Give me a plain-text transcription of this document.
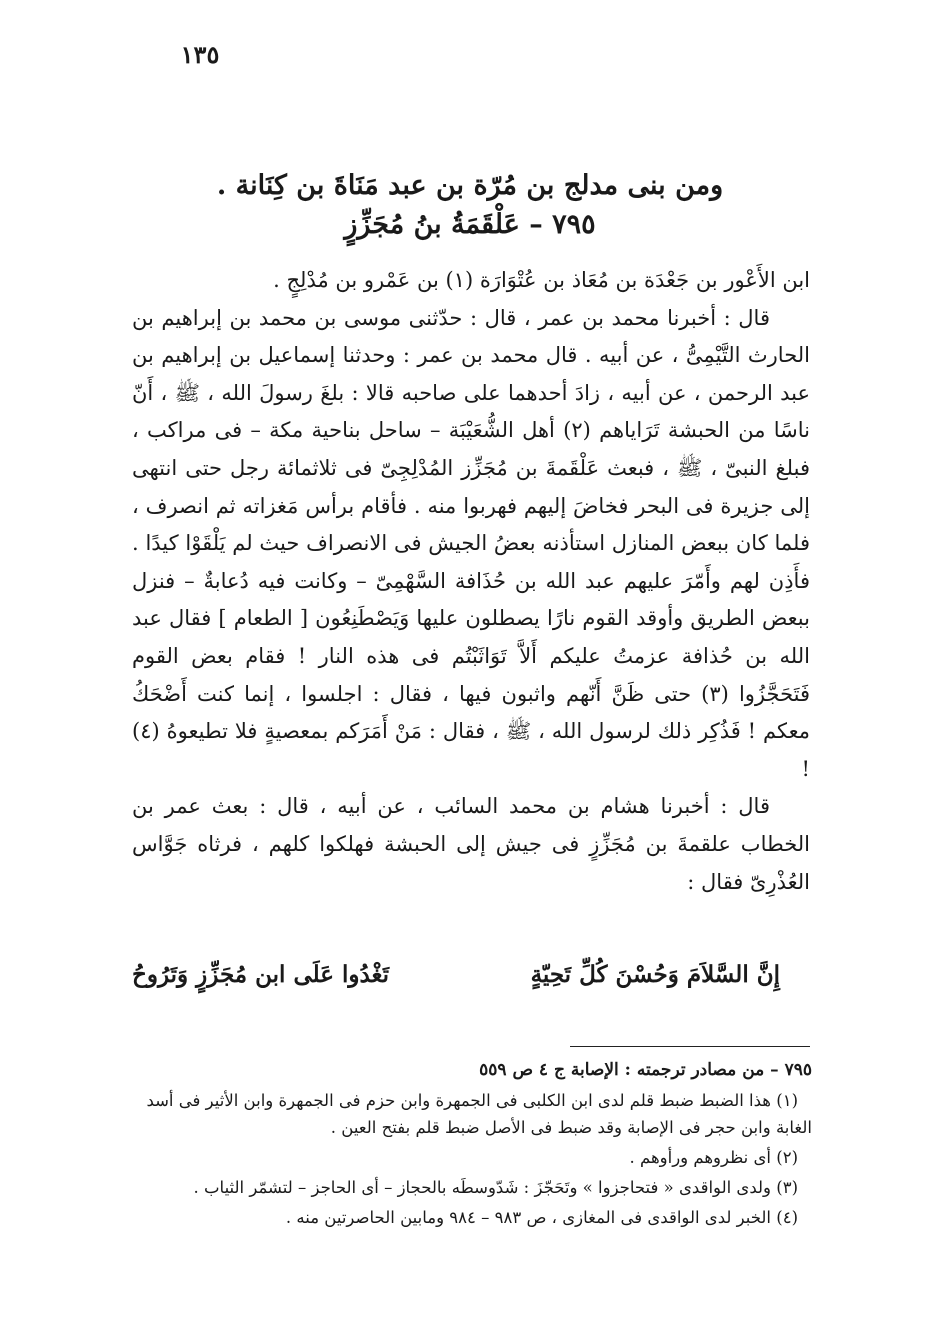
١٣٥
ومن بنى مدلج بن مُرّة بن عبد مَنَاةَ بن كِنَانة .
٧٩٥ – عَلْقَمَةُ بنُ مُجَزِّزٍ

ابن الأَعْور بن جَعْدَة بن مُعَاذ بن عُتْوَارَة (١) بن عَمْرو بن مُدْلِجٍ .

قال : أخبرنا محمد بن عمر ، قال : حدّثنى موسى بن محمد بن إبراهيم بن الحارث التَّيْمِىُّ ، عن أبيه . قال محمد بن عمر : وحدثنا إسماعيل بن إبراهيم بن عبد الرحمن ، عن أبيه ، زادَ أحدهما على صاحبه قالا : بلغَ رسولَ الله ، ﷺ ، أَنّ ناسًا من الحبشة تَرَاياهم (٢) أهل الشُّعَيْبَة – ساحل بناحية مكة – فى مراكب ، فبلغ النبىّ ، ﷺ ، فبعث عَلْقَمةَ بن مُجَزِّز المُدْلِجِىّ فى ثلاثمائة رجل حتى انتهى إلى جزيرة فى البحر فخاضَ إليهم فهربوا منه . فأقام برأس مَغزاته ثم انصرف ، فلما كان ببعض المنازل استأذنه بعضُ الجيش فى الانصراف حيث لم يَلْقَوْا كيدًا . فأَذِن لهم وأَمّرَ عليهم عبد الله بن حُذَافة السَّهْمِىّ – وكانت فيه دُعابةٌ – فنزل ببعض الطريق وأوقد القوم نارًا يصطلون عليها وَيَصْطَنِعُون [ الطعام ] فقال عبد الله بن حُذافة عزمتُ عليكم أَلاَّ تَوَاثَبْتُم فى هذه النار ! فقام بعض القوم فَتَحَجَّزُوا (٣) حتى ظَنَّ أَنّهم واثبون فيها ، فقال : اجلسوا ، إنما كنت أَضْحَكُ معكم ! فَذُكِر ذلك لرسول الله ، ﷺ ، فقال : مَنْ أَمَرَكم بمعصيةٍ فلا تطيعوهُ (٤) !

قال : أخبرنا هشام بن محمد السائب ، عن أبيه ، قال : بعث عمر بن الخطاب علقمةَ بن مُجَزِّزٍ فى جيش إلى الحبشة فهلكوا كلهم ، فرثاه جَوَّاس العُذْرِىّ فقال :

إِنَّ السَّلاَمَ وَحُسْنَ كُلِّ تَحِيّةٍ
تَغْدُوا عَلَى ابن مُجَزِّزٍ وَتَرُوحُ

٧٩٥ – من مصادر ترجمته : الإصابة ج ٤ ص ٥٥٩

(١) هذا الضبط ضبط قلم لدى ابن الكلبى فى الجمهرة وابن حزم فى الجمهرة وابن الأثير فى أسد الغابة وابن حجر فى الإصابة وقد ضبط فى الأصل ضبط قلم بفتح العين .

(٢) أى نظروهم ورأوهم .

(٣) ولدى الواقدى « فتحاجزوا » وتَحَجّزَ : شَدّوسطَه بالحجاز – أى الحاجز – لتشمّر الثياب .

(٤) الخبر لدى الواقدى فى المغازى ، ص ٩٨٣ – ٩٨٤ ومابين الحاصرتين منه .
